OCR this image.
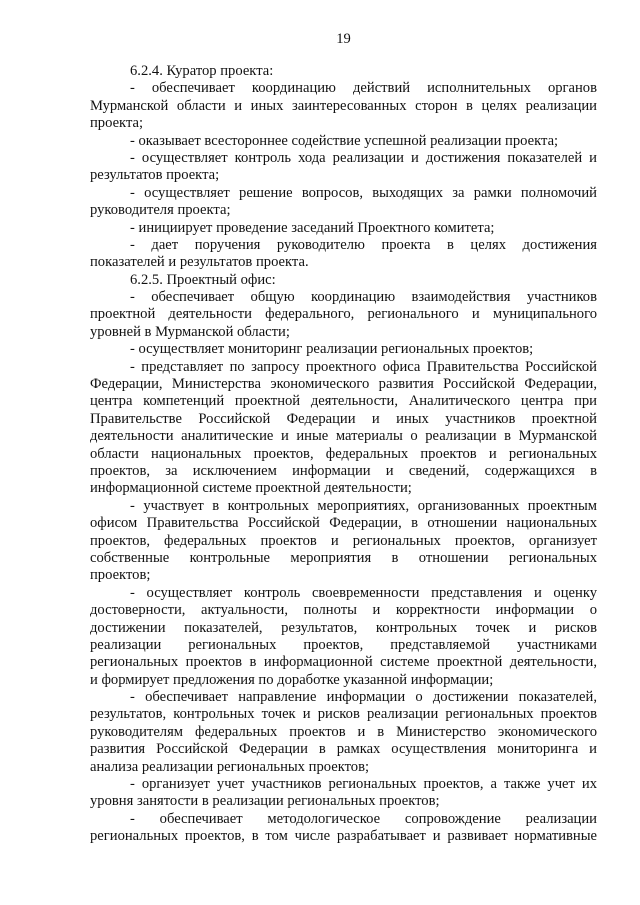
19
6.2.4. Куратор проекта:
- обеспечивает координацию действий исполнительных органов
Мурманской области и иных заинтересованных сторон в целях реализации
проекта;
- оказывает всестороннее содействие успешной реализации проекта;
- осуществляет контроль хода реализации и достижения показателей и
результатов проекта;
- осуществляет решение вопросов, выходящих за рамки полномочий
руководителя проекта;
- инициирует проведение заседаний Проектного комитета;
- дает поручения руководителю проекта в целях достижения
показателей и результатов проекта.
6.2.5. Проектный офис:
- обеспечивает общую координацию взаимодействия участников
проектной деятельности федерального, регионального и муниципального
уровней в Мурманской области;
- осуществляет мониторинг реализации региональных проектов;
- представляет по запросу проектного офиса Правительства Российской
Федерации, Министерства экономического развития Российской Федерации,
центра компетенций проектной деятельности, Аналитического центра при
Правительстве Российской Федерации и иных участников проектной
деятельности аналитические и иные материалы о реализации в Мурманской
области национальных проектов, федеральных проектов и региональных
проектов, за исключением информации и сведений, содержащихся в
информационной системе проектной деятельности;
- участвует в контрольных мероприятиях, организованных проектным
офисом Правительства Российской Федерации, в отношении национальных
проектов, федеральных проектов и региональных проектов, организует
собственные контрольные мероприятия в отношении региональных
проектов;
- осуществляет контроль своевременности представления и оценку
достоверности, актуальности, полноты и корректности информации о
достижении показателей, результатов, контрольных точек и рисков
реализации региональных проектов, представляемой участниками
региональных проектов в информационной системе проектной деятельности,
и формирует предложения по доработке указанной информации;
- обеспечивает направление информации о достижении показателей,
результатов, контрольных точек и рисков реализации региональных проектов
руководителям федеральных проектов и в Министерство экономического
развития Российской Федерации в рамках осуществления мониторинга и
анализа реализации региональных проектов;
- организует учет участников региональных проектов, а также учет их
уровня занятости в реализации региональных проектов;
- обеспечивает методологическое сопровождение реализации
региональных проектов, в том числе разрабатывает и развивает нормативные
